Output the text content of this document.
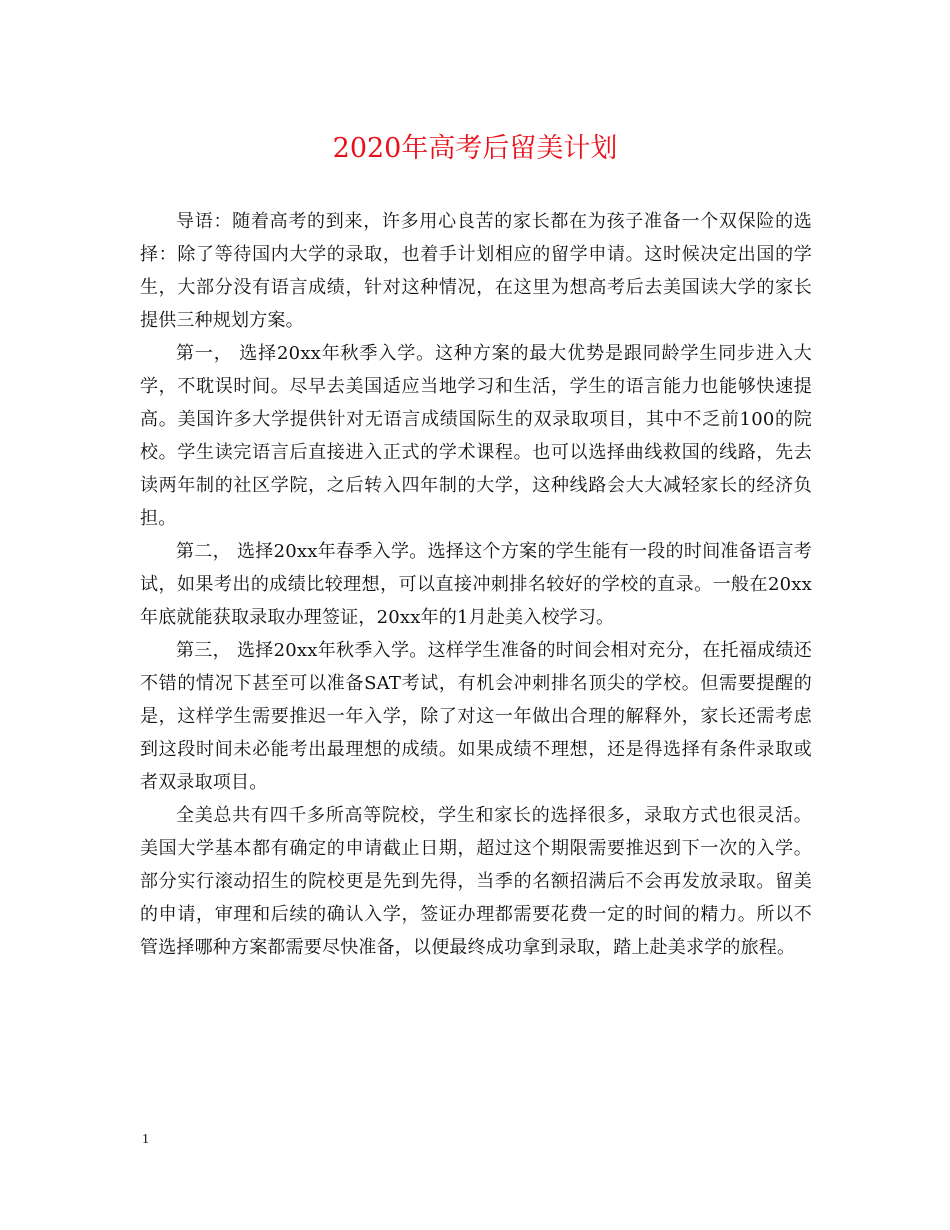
2020年高考后留美计划

导语：随着高考的到来，许多用心良苦的家长都在为孩子准备一个双保险的选择：除了等待国内大学的录取，也着手计划相应的留学申请。这时候决定出国的学生，大部分没有语言成绩，针对这种情况，在这里为想高考后去美国读大学的家长提供三种规划方案。

第一， 选择20xx年秋季入学。这种方案的最大优势是跟同龄学生同步进入大学，不耽误时间。尽早去美国适应当地学习和生活，学生的语言能力也能够快速提高。美国许多大学提供针对无语言成绩国际生的双录取项目，其中不乏前100的院校。学生读完语言后直接进入正式的学术课程。也可以选择曲线救国的线路，先去读两年制的社区学院，之后转入四年制的大学，这种线路会大大减轻家长的经济负担。

第二， 选择20xx年春季入学。选择这个方案的学生能有一段的时间准备语言考试，如果考出的成绩比较理想，可以直接冲刺排名较好的学校的直录。一般在20xx年底就能获取录取办理签证，20xx年的1月赴美入校学习。

第三， 选择20xx年秋季入学。这样学生准备的时间会相对充分，在托福成绩还不错的情况下甚至可以准备SAT考试，有机会冲刺排名顶尖的学校。但需要提醒的是，这样学生需要推迟一年入学，除了对这一年做出合理的解释外，家长还需考虑到这段时间未必能考出最理想的成绩。如果成绩不理想，还是得选择有条件录取或者双录取项目。

全美总共有四千多所高等院校，学生和家长的选择很多，录取方式也很灵活。美国大学基本都有确定的申请截止日期，超过这个期限需要推迟到下一次的入学。部分实行滚动招生的院校更是先到先得，当季的名额招满后不会再发放录取。留美的申请，审理和后续的确认入学，签证办理都需要花费一定的时间的精力。所以不管选择哪种方案都需要尽快准备，以便最终成功拿到录取，踏上赴美求学的旅程。

1
